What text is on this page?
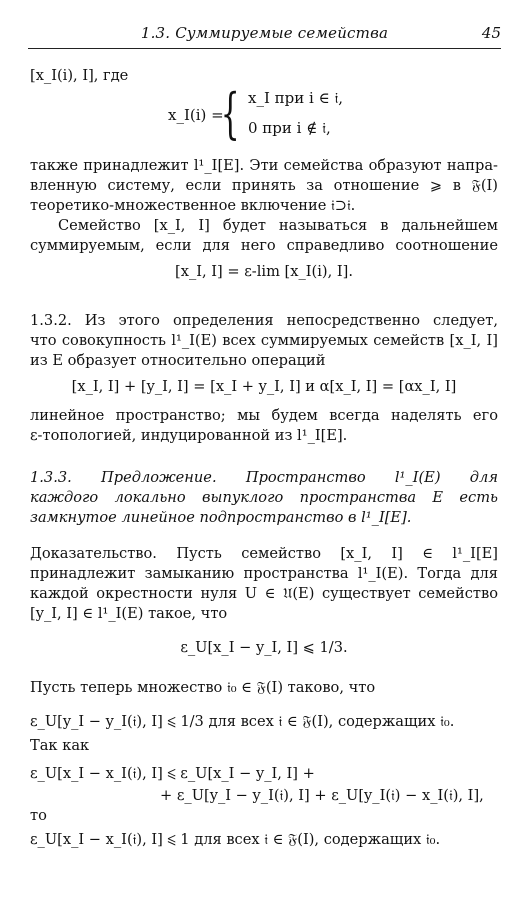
1.3. Суммируемые семейства	45
[x_I(i), I], где
x_I(i) =
{ x_I при i ∈ 𝔦,
0 при i ∉ 𝔦,
также принадлежит l¹_I[E]. Эти семейства образуют напра-
вленную систему, если принять за отношение ⩾ в 𝔉(I)
теоретико-множественное включение 𝔦⊃𝔦.
Семейство [x_I, I] будет называться в дальнейшем
суммируемым, если для него справедливо соотношение
[x_I, I] = ε-lim [x_I(i), I].
1.3.2. Из этого определения непосредственно следует,
что совокупность l¹_I(E) всех суммируемых семейств [x_I, I]
из E образует относительно операций
[x_I, I] + [y_I, I] = [x_I + y_I, I] и α[x_I, I] = [αx_I, I]
линейное пространство; мы будем всегда наделять его
ε-топологией, индуцированной из l¹_I[E].
1.3.3. Предложение. Пространство l¹_I(E) для
каждого локально выпуклого пространства E есть
замкнутое линейное подпространство в l¹_I[E].
Доказательство. Пусть семейство [x_I, I] ∈ l¹_I[E]
принадлежит замыканию пространства l¹_I(E). Тогда для
каждой окрестности нуля U ∈ 𝔘(E) существует семейство
[y_I, I] ∈ l¹_I(E) такое, что
ε_U[x_I − y_I, I] ⩽ 1/3.
Пусть теперь множество 𝔦₀ ∈ 𝔉(I) таково, что
ε_U[y_I − y_I(𝔦), I] ⩽ 1/3 для всех 𝔦 ∈ 𝔉(I), содержащих 𝔦₀.
Так как
ε_U[x_I − x_I(𝔦), I] ⩽ ε_U[x_I − y_I, I] +
+ ε_U[y_I − y_I(𝔦), I] + ε_U[y_I(𝔦) − x_I(𝔦), I],
то
ε_U[x_I − x_I(𝔦), I] ⩽ 1 для всех 𝔦 ∈ 𝔉(I), содержащих 𝔦₀.
